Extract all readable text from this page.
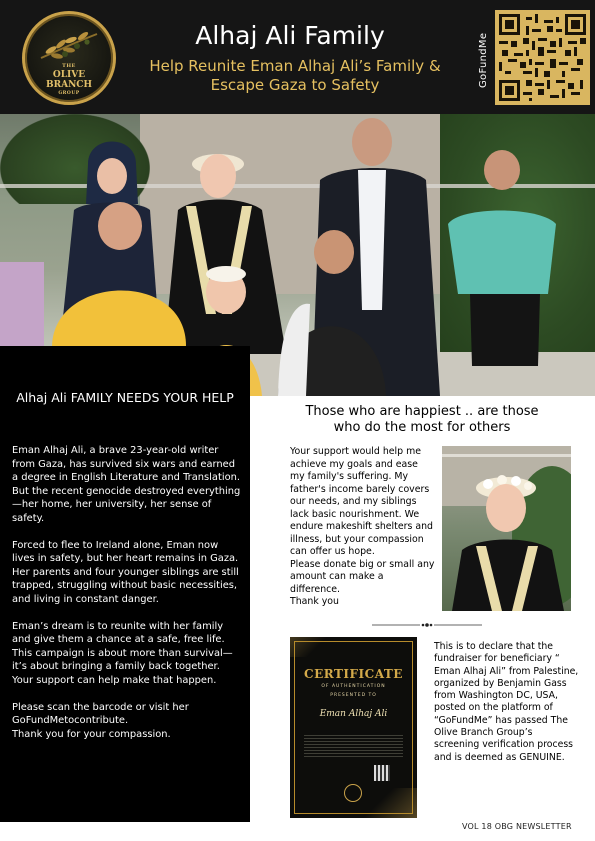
THE
OLIVE
BRANCH
GROUP
Alhaj Ali Family
Help Reunite Eman Alhaj Ali’s Family &
Escape Gaza to Safety	GoFundMe
Alhaj Ali FAMILY NEEDS YOUR HELP

Eman Alhaj Ali, a brave 23-year-old writer from Gaza, has survived six wars and earned a degree in English Literature and Translation. But the recent genocide destroyed everything—her home, her university, her sense of safety.

Forced to flee to Ireland alone, Eman now lives in safety, but her heart remains in Gaza. Her parents and four younger siblings are still trapped, struggling without basic necessities, and living in constant danger.

Eman’s dream is to reunite with her family and give them a chance at a safe, free life. This campaign is about more than survival—it’s about bringing a family back together. Your support can help make that happen.

Please scan the barcode or visit her GoFundMetocontribute.
Thank you for your compassion.

Those who are happiest .. are those who do the most for others

Your support would help me achieve my goals and ease my family's suffering. My father's income barely covers our needs, and my siblings lack basic nourishment. We endure makeshift shelters and illness, but your compassion can offer us hope.

Please donate big or small any amount can make a difference.

Thank you

CERTIFICATE
OF AUTHENTICATION
PRESENTED TO
Eman Alhaj Ali
This is to declare that the fundraiser for beneficiary “ Eman Alhaj Ali” from Palestine, organized by Benjamin Gass from Washington DC, USA, posted on the platform of “GoFundMe” has passed The Olive Branch Group’s screening verification process and is deemed as GENUINE.
VOL 18 OBG NEWSLETTER
